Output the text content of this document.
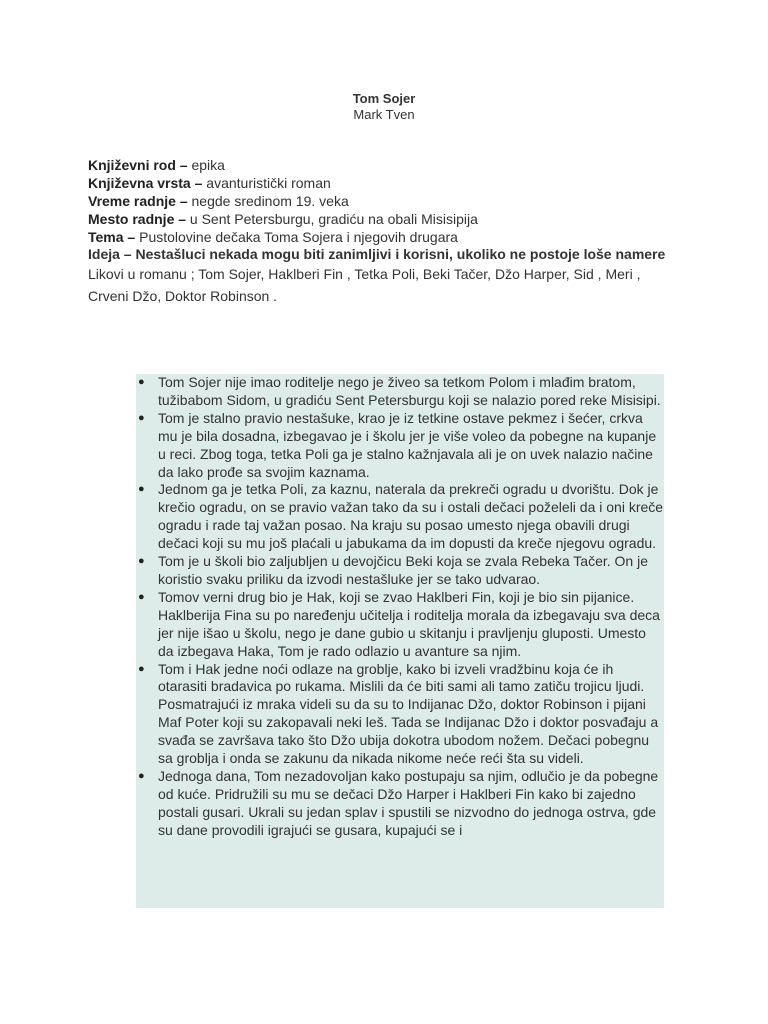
Tom Sojer
Mark Tven

Književni rod – epika

Književna vrsta – avanturistički roman

Vreme radnje – negde sredinom 19. veka

Mesto radnje – u Sent Petersburgu, gradiću na obali Misisipija

Tema – Pustolovine dečaka Toma Sojera i njegovih drugara

Ideja – Nestašluci nekada mogu biti zanimljivi i korisni, ukoliko ne postoje loše namere

Likovi u romanu ; Tom Sojer, Haklberi Fin , Tetka Poli, Beki Tačer, Džo Harper, Sid , Meri , Crveni Džo, Doktor Robinson .

● Tom Sojer nije imao roditelje nego je živeo sa tetkom Polom i mlađim bratom, tužibabom Sidom, u gradiću Sent Petersburgu koji se nalazio pored reke Misisipi.
● Tom je stalno pravio nestašuke, krao je iz tetkine ostave pekmez i šećer, crkva mu je bila dosadna, izbegavao je i školu jer je više voleo da pobegne na kupanje u reci. Zbog toga, tetka Poli ga je stalno kažnjavala ali je on uvek nalazio načine da lako prođe sa svojim kaznama.
● Jednom ga je tetka Poli, za kaznu, naterala da prekreči ogradu u dvorištu. Dok je krečio ogradu, on se pravio važan tako da su i ostali dečaci poželeli da i oni kreče ogradu i rade taj važan posao. Na kraju su posao umesto njega obavili drugi dečaci koji su mu još plaćali u jabukama da im dopusti da kreče njegovu ogradu.
● Tom je u školi bio zaljubljen u devojčicu Beki koja se zvala Rebeka Tačer. On je koristio svaku priliku da izvodi nestašluke jer se tako udvarao.
● Tomov verni drug bio je Hak, koji se zvao Haklberi Fin, koji je bio sin pijanice. Haklberija Fina su po naređenju učitelja i roditelja morala da izbegavaju sva deca jer nije išao u školu, nego je dane gubio u skitanju i pravljenju gluposti. Umesto da izbegava Haka, Tom je rado odlazio u avanture sa njim.
● Tom i Hak jedne noći odlaze na groblje, kako bi izveli vradžbinu koja će ih otarasiti bradavica po rukama. Mislili da će biti sami ali tamo zatiču trojicu ljudi. Posmatrajući iz mraka videli su da su to Indijanac Džo, doktor Robinson i pijani Maf Poter koji su zakopavali neki leš. Tada se Indijanac Džo i doktor posvađaju a svađa se završava tako što Džo ubija dokotra ubodom nožem. Dečaci pobegnu sa groblja i onda se zakunu da nikada nikome neće reći šta su videli.
● Jednoga dana, Tom nezadovoljan kako postupaju sa njim, odlučio je da pobegne od kuće. Pridružili su mu se dečaci Džo Harper i Haklberi Fin kako bi zajedno postali gusari. Ukrali su jedan splav i spustili se nizvodno do jednoga ostrva, gde su dane provodili igrajući se gusara, kupajući se i
